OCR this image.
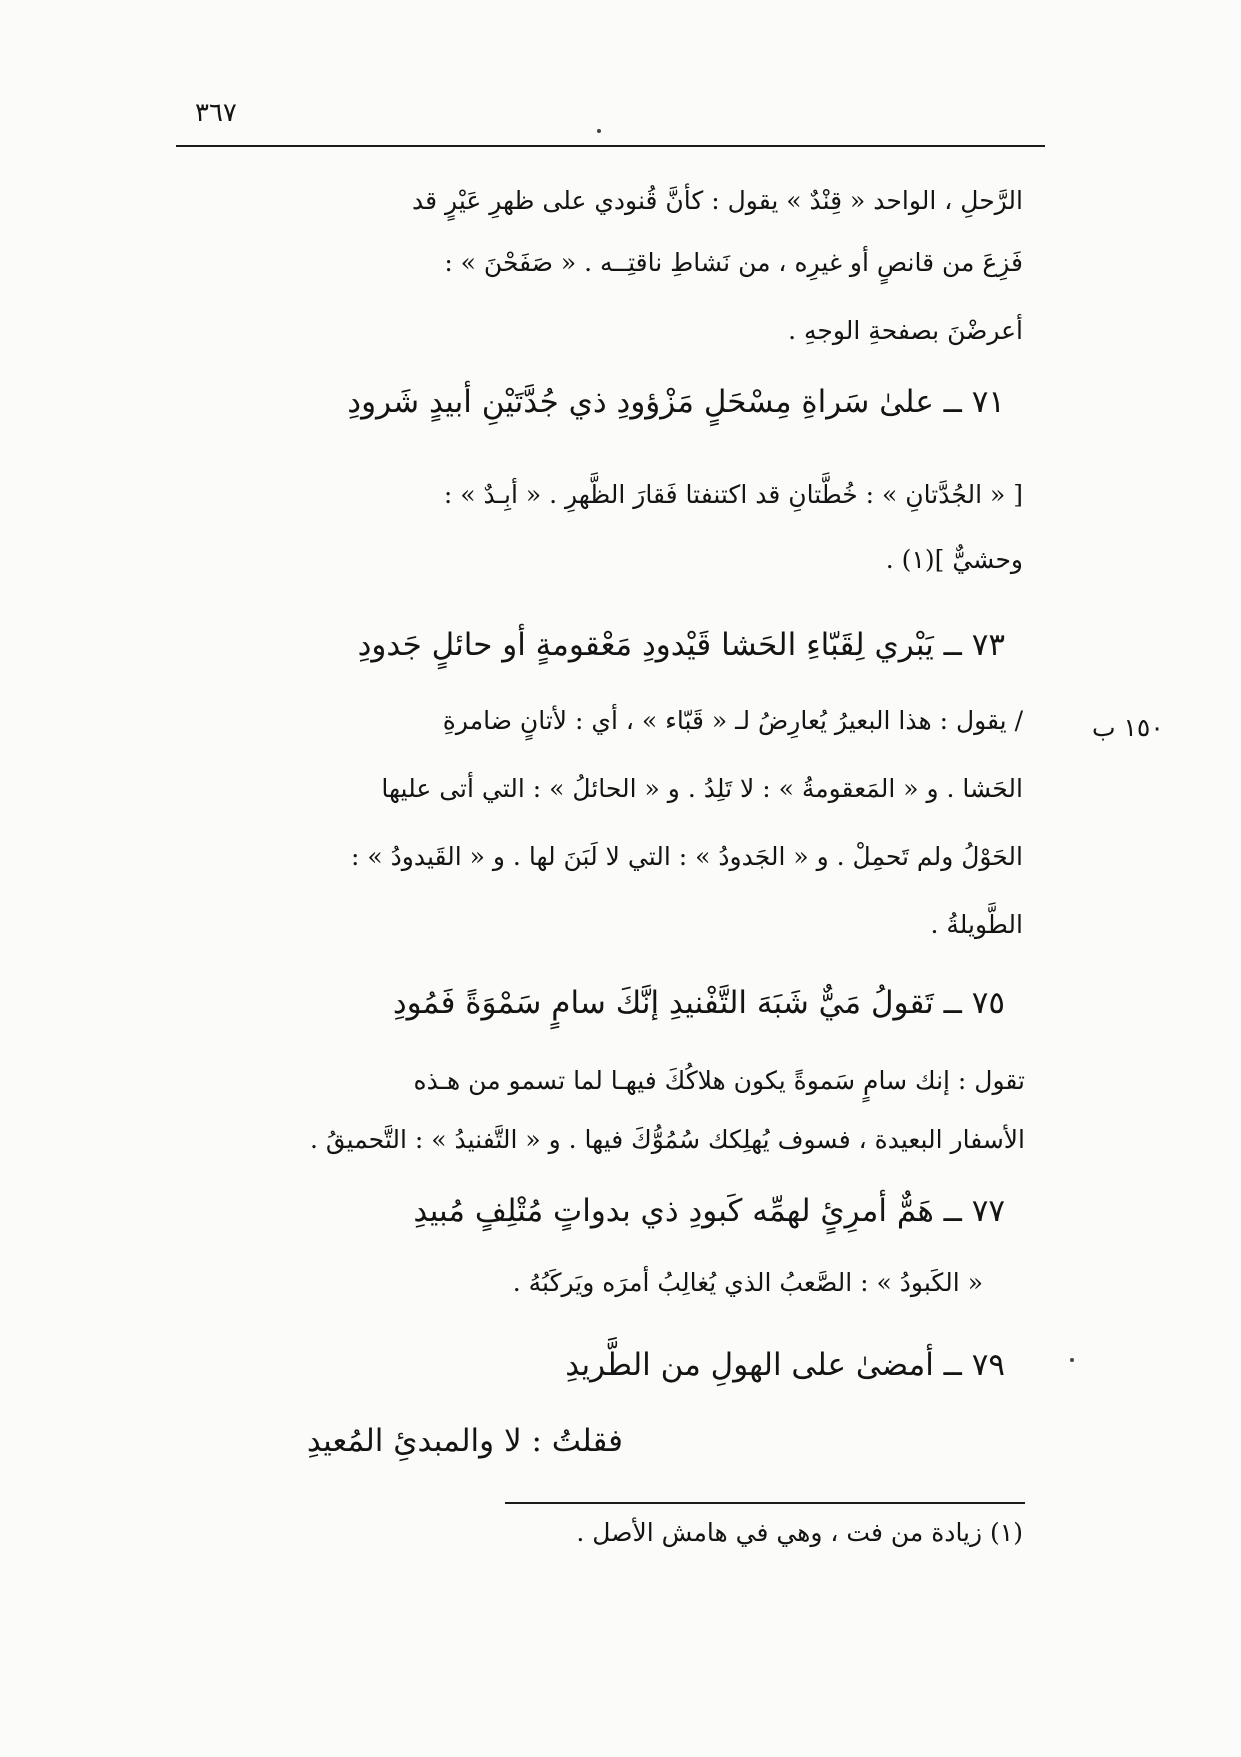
٣٦٧
١٥٠ ب
الرَّحلِ ، الواحد « قِنْدٌ » يقول : كأنَّ قُنودي على ظهرِ عَيْرٍ قد
فَزِعَ من قانصٍ أو غيرِه ، من نَشاطِ ناقتِــه . « صَفَحْنَ » :
أعرضْنَ بصفحةِ الوجهِ .
٧١ ــ علىٰ سَراةِ مِسْحَلٍ مَزْؤودِ ذي جُدَّتَيْنِ أبيدٍ شَرودِ
[ « الجُدَّتانِ » : خُطَّتانِ قد اكتنفتا فَقارَ الظَّهرِ . « أبِـدٌ » :
وحشيٌّ ](١) .
٧٣ ــ يَبْري لِقَبّاءِ الحَشا قَيْدودِ مَعْقومةٍ أو حائلٍ جَدودِ
/ يقول : هذا البعيرُ يُعارِضُ لـ « قَبّاء » ، أي : لأتانٍ ضامرةِ
الحَشا . و « المَعقومةُ » : لا تَلِدُ . و « الحائلُ » : التي أتى عليها
الحَوْلُ ولم تَحمِلْ . و « الجَدودُ » : التي لا لَبَنَ لها . و « القَيدودُ » :
الطَّويلةُ .
٧٥ ــ تَقولُ مَيٌّ شَبَهَ التَّفْنيدِ إنَّكَ سامٍ سَمْوَةً فَمُودِ
تقول : إنك سامٍ سَموةً يكون هلاكُكَ فيهـا لما تسمو من هـذه
الأسفار البعيدة ، فسوف يُهلِكك سُمُوُّكَ فيها . و « التَّفنيدُ » : التَّحميقُ .
٧٧ ــ هَمٌّ أمرِئٍ لهمِّه كَبودِ ذي بدواتٍ مُتْلِفٍ مُبيدِ
« الكَبودُ » : الصَّعبُ الذي يُغالِبُ أمرَه ويَركَبُهُ .
٧٩ ــ أمضىٰ على الهولِ من الطَّريدِ
فقلتُ : لا والمبدئِ المُعيدِ
(١) زيادة من فت ، وهي في هامش الأصل .
